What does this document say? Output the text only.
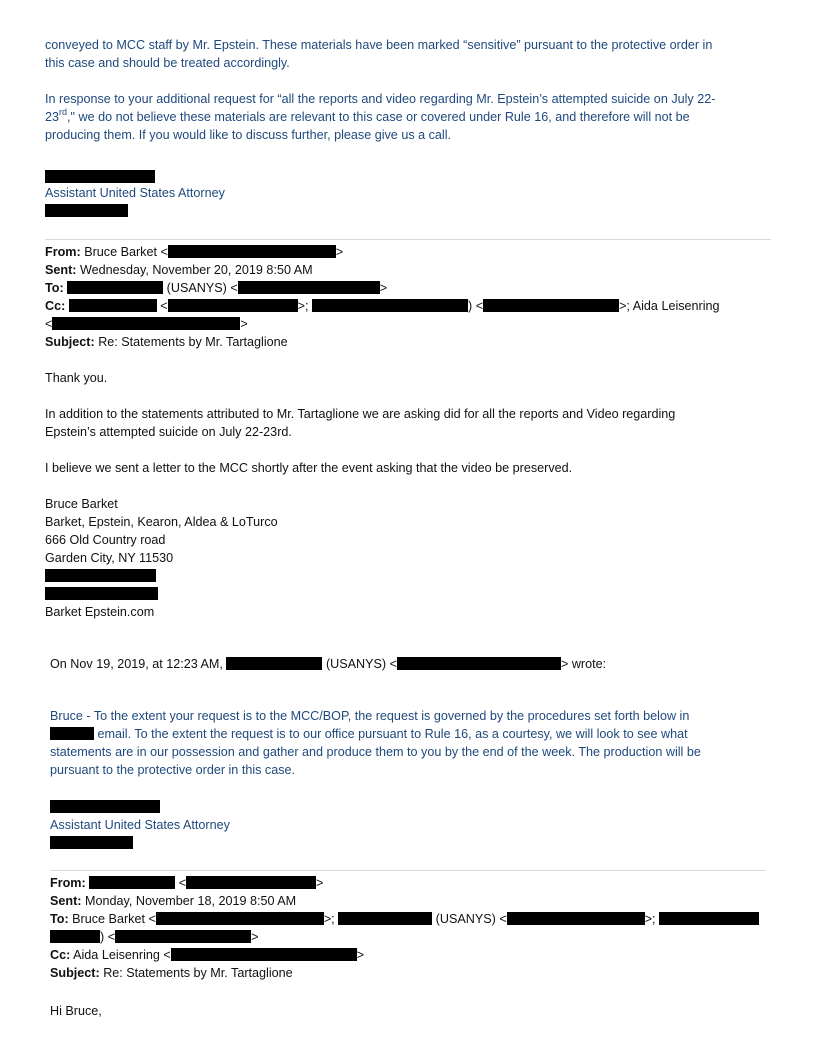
conveyed to MCC staff by Mr. Epstein. These materials have been marked “sensitive” pursuant to the protective order in

this case and should be treated accordingly.

In response to your additional request for “all the reports and video regarding Mr. Epstein’s attempted suicide on July 22-

23rd," we do not believe these materials are relevant to this case or covered under Rule 16, and therefore will not be

producing them. If you would like to discuss further, please give us a call.

Assistant United States Attorney

From: Bruce Barket <	>

Sent: Wednesday, November 20, 2019 8:50 AM

To:	(USANYS) <	>

Cc:	<	>;	) <	>; Aida Leisenring

<	>

Subject: Re: Statements by Mr. Tartaglione

Thank you.

In addition to the statements attributed to Mr. Tartaglione we are asking did for all the reports and Video regarding

Epstein’s attempted suicide on July 22-23rd.

I believe we sent a letter to the MCC shortly after the event asking that the video be preserved.

Bruce Barket

Barket, Epstein, Kearon, Aldea & LoTurco

666 Old Country road

Garden City, NY 11530

Barket Epstein.com

On Nov 19, 2019, at 12:23 AM,	(USANYS) <	> wrote:

Bruce - To the extent your request is to the MCC/BOP, the request is governed by the procedures set forth below in

email. To the extent the request is to our office pursuant to Rule 16, as a courtesy, we will look to see what

statements are in our possession and gather and produce them to you by the end of the week. The production will be

pursuant to the protective order in this case.

Assistant United States Attorney

From:	<	>

Sent: Monday, November 18, 2019 8:50 AM

To: Bruce Barket <	>;	(USANYS) <	>;

) <	>

Cc: Aida Leisenring <	>

Subject: Re: Statements by Mr. Tartaglione

Hi Bruce,
